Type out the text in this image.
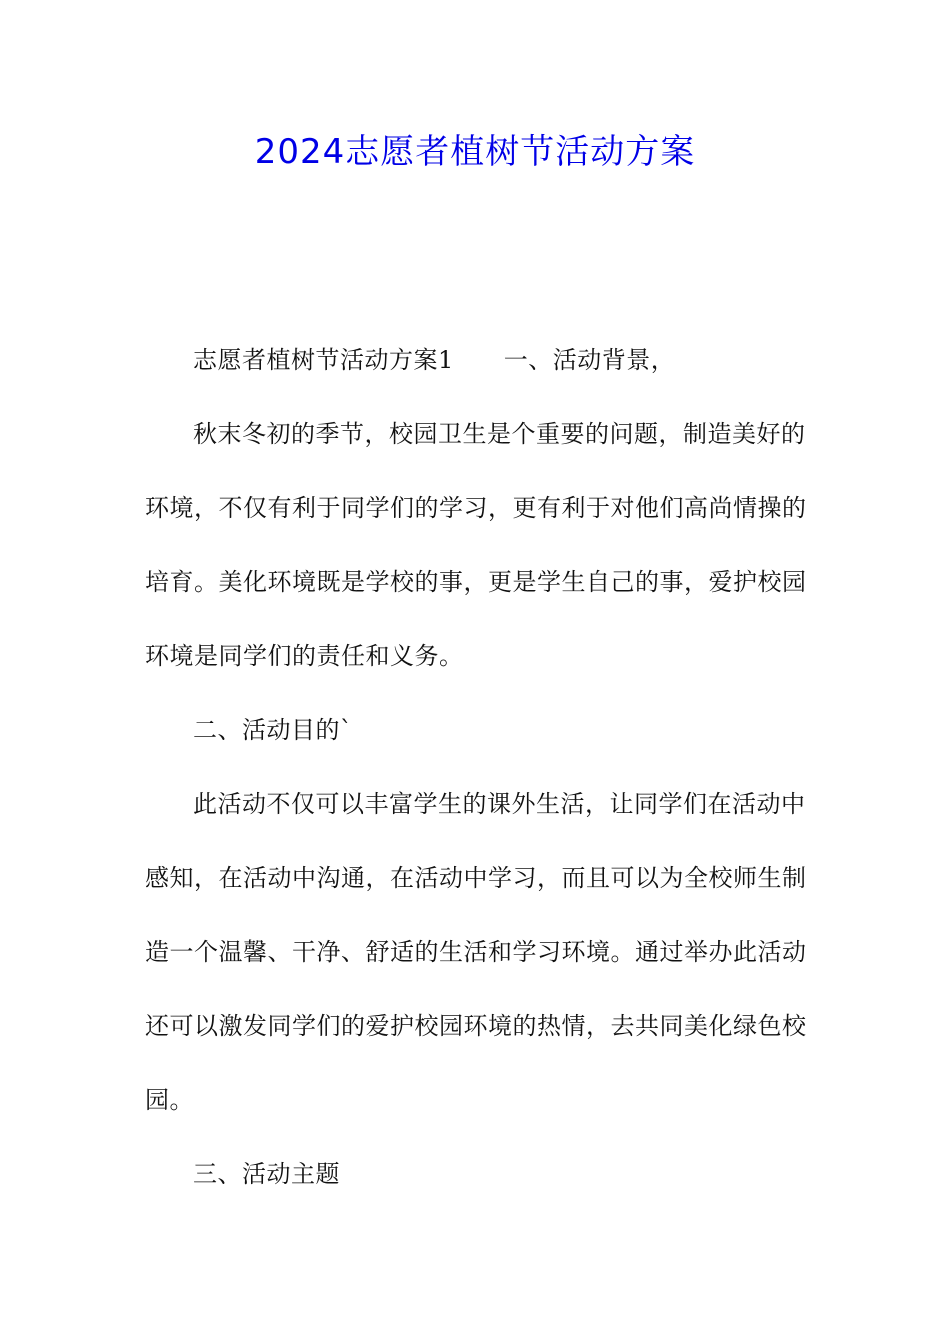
2024志愿者植树节活动方案
志愿者植树节活动方案1 一、活动背景，
秋末冬初的季节，校园卫生是个重要的问题，制造美好的
环境，不仅有利于同学们的学习，更有利于对他们高尚情操的
培育。美化环境既是学校的事，更是学生自己的事，爱护校园
环境是同学们的责任和义务。
二、活动目的`
此活动不仅可以丰富学生的课外生活，让同学们在活动中
感知，在活动中沟通，在活动中学习，而且可以为全校师生制
造一个温馨、干净、舒适的生活和学习环境。通过举办此活动
还可以激发同学们的爱护校园环境的热情，去共同美化绿色校
园。
三、活动主题
